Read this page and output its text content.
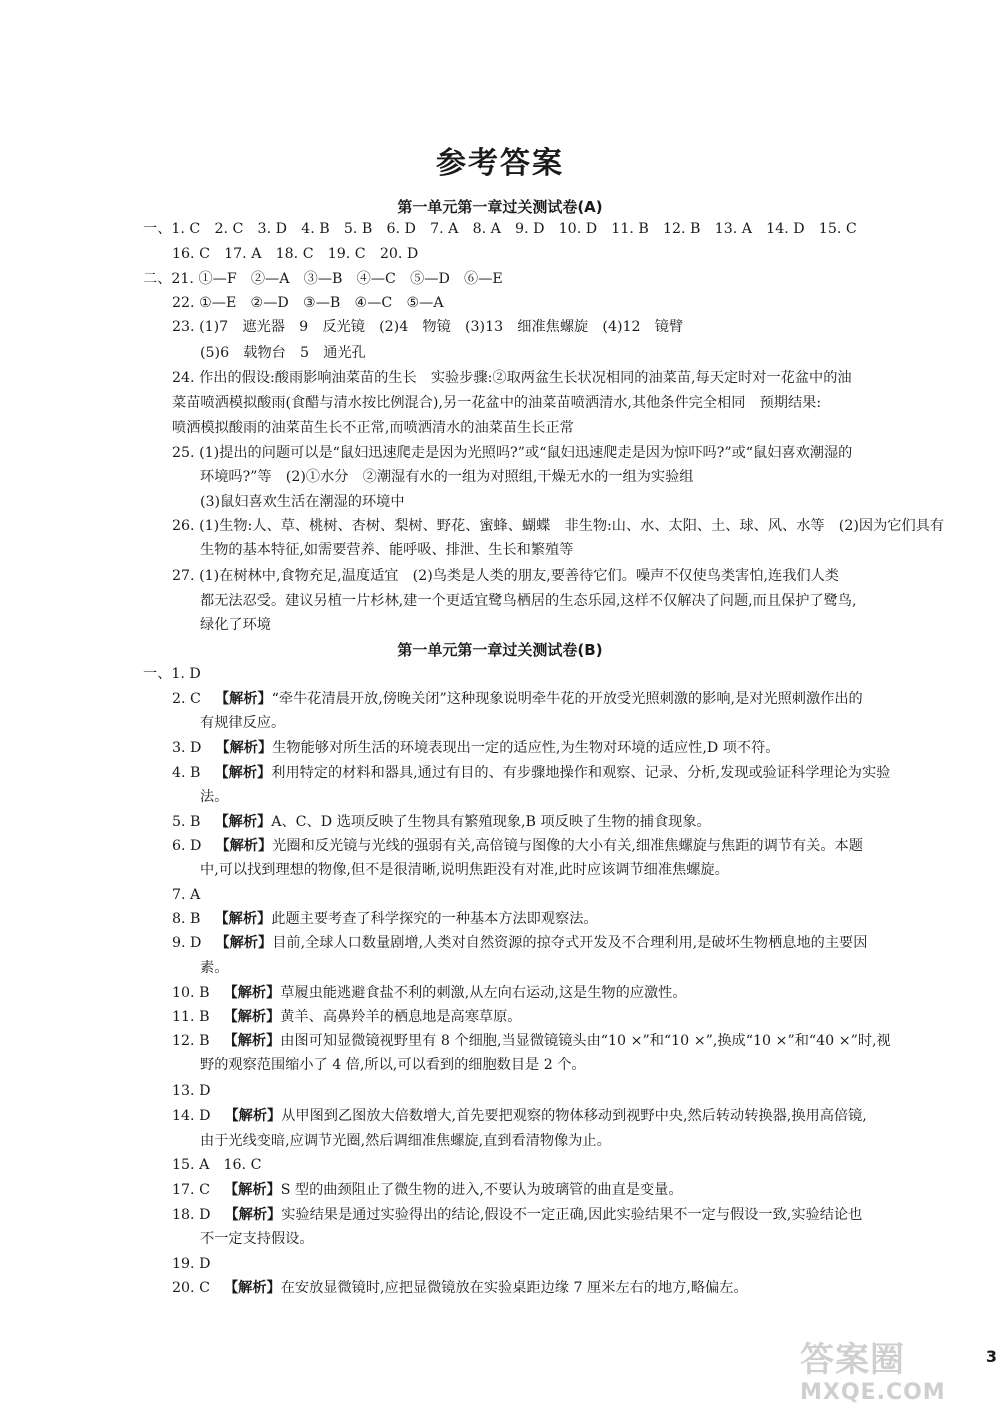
参考答案
第一单元第一章过关测试卷(A)
一、1. C　2. C　3. D　4. B　5. B　6. D　7. A　8. A　9. D　10. D　11. B　12. B　13. A　14. D　15. C
16. C　17. A　18. C　19. C　20. D
二、21. ①—F　②—A　③—B　④—C　⑤—D　⑥—E
22. ①—E　②—D　③—B　④—C　⑤—A
23. (1)7　遮光器　9　反光镜　(2)4　物镜　(3)13　细准焦螺旋　(4)12　镜臂
(5)6　载物台　5　通光孔
24. 作出的假设:酸雨影响油菜苗的生长　实验步骤:②取两盆生长状况相同的油菜苗,每天定时对一花盆中的油
菜苗喷洒模拟酸雨(食醋与清水按比例混合),另一花盆中的油菜苗喷洒清水,其他条件完全相同　预期结果:
喷洒模拟酸雨的油菜苗生长不正常,而喷洒清水的油菜苗生长正常
25. (1)提出的问题可以是“鼠妇迅速爬走是因为光照吗?”或“鼠妇迅速爬走是因为惊吓吗?”或“鼠妇喜欢潮湿的
环境吗?”等　(2)①水分　②潮湿有水的一组为对照组,干燥无水的一组为实验组
(3)鼠妇喜欢生活在潮湿的环境中
26. (1)生物:人、草、桃树、杏树、梨树、野花、蜜蜂、蝴蝶　非生物:山、水、太阳、土、球、风、水等　(2)因为它们具有
生物的基本特征,如需要营养、能呼吸、排泄、生长和繁殖等
27. (1)在树林中,食物充足,温度适宜　(2)鸟类是人类的朋友,要善待它们。噪声不仅使鸟类害怕,连我们人类
都无法忍受。建议另植一片杉林,建一个更适宜鹭鸟栖居的生态乐园,这样不仅解决了问题,而且保护了鹭鸟,
绿化了环境
第一单元第一章过关测试卷(B)
一、1. D
2. C 【解析】“牵牛花清晨开放,傍晚关闭”这种现象说明牵牛花的开放受光照刺激的影响,是对光照刺激作出的
有规律反应。
3. D 【解析】生物能够对所生活的环境表现出一定的适应性,为生物对环境的适应性,D 项不符。
4. B 【解析】利用特定的材料和器具,通过有目的、有步骤地操作和观察、记录、分析,发现或验证科学理论为实验
法。
5. B 【解析】A、C、D 选项反映了生物具有繁殖现象,B 项反映了生物的捕食现象。
6. D 【解析】光圈和反光镜与光线的强弱有关,高倍镜与图像的大小有关,细准焦螺旋与焦距的调节有关。本题
中,可以找到理想的物像,但不是很清晰,说明焦距没有对准,此时应该调节细准焦螺旋。
7. A
8. B 【解析】此题主要考查了科学探究的一种基本方法即观察法。
9. D 【解析】目前,全球人口数量剧增,人类对自然资源的掠夺式开发及不合理利用,是破坏生物栖息地的主要因
素。
10. B 【解析】草履虫能逃避食盐不利的刺激,从左向右运动,这是生物的应激性。
11. B 【解析】黄羊、高鼻羚羊的栖息地是高寒草原。
12. B 【解析】由图可知显微镜视野里有 8 个细胞,当显微镜镜头由“10 ×”和“10 ×”,换成“10 ×”和“40 ×”时,视
野的观察范围缩小了 4 倍,所以,可以看到的细胞数目是 2 个。
13. D
14. D 【解析】从甲图到乙图放大倍数增大,首先要把观察的物体移动到视野中央,然后转动转换器,换用高倍镜,
由于光线变暗,应调节光圈,然后调细准焦螺旋,直到看清物像为止。
15. A　16. C
17. C 【解析】S 型的曲颈阻止了微生物的进入,不要认为玻璃管的曲直是变量。
18. D 【解析】实验结果是通过实验得出的结论,假设不一定正确,因此实验结果不一定与假设一致,实验结论也
不一定支持假设。
19. D
20. C 【解析】在安放显微镜时,应把显微镜放在实验桌距边缘 7 厘米左右的地方,略偏左。
3
答案圈
MXQE.COM
